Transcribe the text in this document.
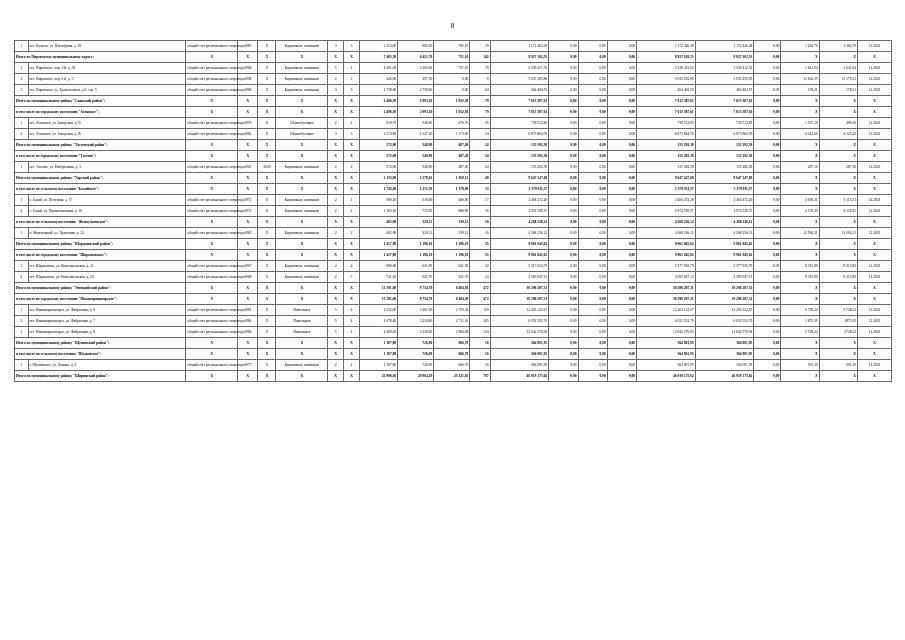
8
1	пгт. Балахта, ул. Шахтёрная, д. 39	общий счет регионального оператора	1983	X	Кирпичные, каменные	3	3	2 354,00	985,50	785,10	29	1 172 463,29	0,00	0,00	0,00	1 172 426,38	1 172 426,38	0,00	1 264,70	1 264,70	12.2023
Итого по Пировскому муниципальному округу:		X	X	X	X	X	X	7 405,30	6 421,70	751,10	142	8 927 102,55	0,00	0,00	0,00	8 927 102,55	8 927 102,55	0,00	X	X	X
1	пгт. Пировское, пер. 1-й, д. 39	общий счет регионального оператора	1968	X	Кирпичные, каменные	5	4	4 301,30	3 265,60	751,10	70	5 339 417,52	0,00	0,00	0,00	5 339 412,52	5 339 412,52	0,00	1 641,04	1 641,04	12.2023
2	пгт. Пировское, пер. 2-й, д. 3	общий счет регионального оператора	1958	X	Кирпичные, каменные	2	1	426,00	397,50	0,00	8	5 037 205,86	0,00	0,00	0,00	5 033 255,95	5 033 255,95	0,00	12 662,35	12 179,21	12.2023
3	пгт. Пировское, ул. Трансагентов, д.5, стр. 5	общий счет регионального оператора	1968	X	Кирпичные, каменные	3	3	2 738,60	2 758,60	0,00	64	464 404,55	0,00	0,00	0,00	464 404,55	464 404,55	0,00	178,21	178,21	12.2023
Итого по муниципальному району "Саянский район":		X	X	X	X	X	X	2 496,30	2 093,20	1 032,50	79	7 613 387,61	0,00	0,00	0,00	7 613 387,61	7 613 387,61	0,00	X	X	X
в том числе по городскому поселению "Агинское":		X	X	X	X	X	X	2 496,30	2 093,20	1 032,50	79	7 613 387,61	0,00	0,00	0,00	7 613 387,61	7 613 387,61	0,00	X	X	X
1	пгт. Агинское, ул. Заводская, д.15	общий счет регионального оператора	1959	X	Шлакоблочные	2	2	618,70	546,90	476,70	25	739 512,83	0,00	0,00	0,00	739 512,83	739 512,83	0,00	1 357,19	496,36	12.2023
2	пгт. Агинское, ул. Заводская, д.16	общий счет регионального оператора	1962	X	Шлакоблочные	3	3	2 574,80	1 547,30	1 173,60	54	6 873 864,76	0,00	0,00	0,00	6 873 864,76	6 873 864,76	0,00	4 442,60	4 125,20	12.2023
Итого по муниципальному району "Тасеевский район":		X	X	X	X	X	X	572,00	540,90	487,40	24	155 292,39	0,00	0,00	0,00	155 292,39	155 292,39	0,00	X	X	X
в том числе по городскому поселению "Тасеево":		X	X	X	X	X	X	572,00	540,90	487,40	24	155 292,39	0,00	0,00	0,00	155 292,39	155 292,39	0,00	X	X	X
1	пгт. Тасеево, ул. Набережная, д. 3	общий счет регионального оператора	1961	2020	Кирпичные, каменные	2	2	572,00	540,90	487,40	24	155 292,39	0,00	0,00	0,00	155 282,39	155 282,39	0,00	287,10	287,10	12.2023
Итого по муниципальному району "Уярский район":		X	X	X	X	X	X	2 153,90	1 578,62	1 569,12	49	9 647 247,69	0,00	0,00	0,00	9 647 247,69	9 647 247,69	0,00	X	X	X
в том числе по сельскому поселению "Балайское":		X	X	X	X	X	X	1 745,40	1 251,50	1 178,00	33	5 379 011,57	0,00	0,00	0,00	5 379 011,57	5 379 011,57	0,00	X	X	X
1	с. Балай, ул. Почтовая, д. 17	общий счет регионального оператора	1972	X	Кирпичные, каменные	2	1	580,20	516,00	486,00	17	2 404 472,20	0,00	0,00	0,00	2 404 472,20	2 404 472,20	0,00	4 658,31	5 113,51	12.2023
2	с. Балай, ул. Промышленная, д. 16	общий счет регионального оператора	1972	X	Кирпичные, каменные	2	2	1 165,20	735,50	686,00	16	2 974 539,37	0,00	0,00	0,00	2 974 539,37	2 974 539,37	0,00	4 135,45	4 135,45	12.2023
в том числе по сельскому поселению "Жемчужненское":		X	X	X	X	X	X	402,90	329,12	339,12	16	4 268 236,12	0,00	0,00	0,00	4 268 236,12	4 268 236,12	0,00	X	X	X
1	п. Жемчужный, ул. Трактовая, д. 23	общий счет регионального оператора	1965	X	Кирпичные, каменные	2	2	402,90	329,12	339,12	16	4 268 236,12	0,00	0,00	0,00	4 268 236,12	4 268 236,12	0,00	12 594,21	12 594,21	12.2023
Итого по муниципальному району "Шарыповский район":		X	X	X	X	X	X	1 417,80	1 196,10	1 196,10	55	9 961 045,62	0,00	0,00	0,00	9 961 045,62	9 961 045,62	0,00	X	X	X
в том числе по городскому поселению "Шарыповское":		X	X	X	X	X	X	1 417,80	1 196,10	1 196,10	55	9 961 045,62	0,00	0,00	0,00	9 961 045,62	9 961 045,62	0,00	X	X	X
1	пгт. Шарыповск, ул. Комсомольская, д. 21	общий счет регионального оператора	1967	X	Кирпичные, каменные	2	2	696,60	641,95	641,95	32	5 317 634,79	0,00	0,00	0,00	5 377 935,79	5 377 935,79	0,00	8 315,80	8 315,80	12.2023
2	пгт. Шарыповск, ул. Комсомольская, д. 23	общий счет регионального оператора	1968	X	Кирпичные, каменные	2	3	721,20	541,70	541,70	23	4 583 047,13	0,00	0,00	0,00	4 583 047,13	4 583 047,13	0,00	8 315,80	8 315,80	12.2023
Итого по муниципальному району "Эвенкийский район":		X	X	X	X	X	X	13 191,60	9 754,70	6 404,50	472	30 296 207,31	0,00	0,00	0,00	30 296 207,31	30 296 207,31	0,00	X	X	X
в том числе по городскому поселению "Нижнеприангарское":		X	X	X	X	X	X	13 191,60	9 754,70	6 404,50	472	30 296 207,31	0,00	0,00	0,00	30 296 207,31	30 296 207,31	0,00	X	X	X
1	пгт. Нижнеприангарск, ул. Фабричная, д. 6	общий счет регионального оператора	1981	X	Панельные	5	4	4 532,00	3 261,90	2 759,34	159	12 203 123,67	0,00	0,00	0,00	12 203 122,67	12 203 122,67	0,00	5 748,22	5 748,22	12.2023
2	пгт. Нижнеприангарск, ул. Фабричная, д. 7	общий счет регионального оператора	1984	X	Панельные	5	4	4 478,40	3 224,60	2 711,16	185	6 052 552,70	0,00	0,00	0,00	6 052 552,70	6 052 552,70	0,00	1 875,55	1875,55	12.2023
3	пгт. Нижнеприангарск, ул. Фабричная, д. 8	общий счет регионального оператора	1984	X	Панельные	5	4	4 300,20	3 238,00	2 966,28	124	12 042 570,94	0,00	0,00	0,00	12 042 570,94	12 042 570,94	0,00	5 748,22	5748,22	12.2023
Итого по муниципальному району "Шушенский район":		X	X	X	X	X	X	1 107,80	726,00	666,70	16	364 001,95	0,00	0,00	0,00	364 001,95	364 001,95	0,00	X	X	X
в том числе по сельскому поселению "Шушенское":		X	X	X	X	X	X	1 107,80	726,00	666,70	16	364 001,95	0,00	0,00	0,00	364 001,95	364 001,95	0,00	X	X	X
1	г. Шушенское, ул. Ленина, д. 5	общий счет регионального оператора	1977	X	Кирпичные, каменные	2	2	1 107,80	726,00	666,70	16	364 001,95	0,00	0,00	0,00	364 001,95	364 001,95	0,00	501,30	501,30	12.2023
Итого по муниципальному району "Ширинский район":		X	X	X	X	X	X	22 996,66	20 964,29	23 121,02	787	46 919 175,62	0,00	0,00	0,00	46 919 175,62	46 919 175,62	0,00	X	X	X
